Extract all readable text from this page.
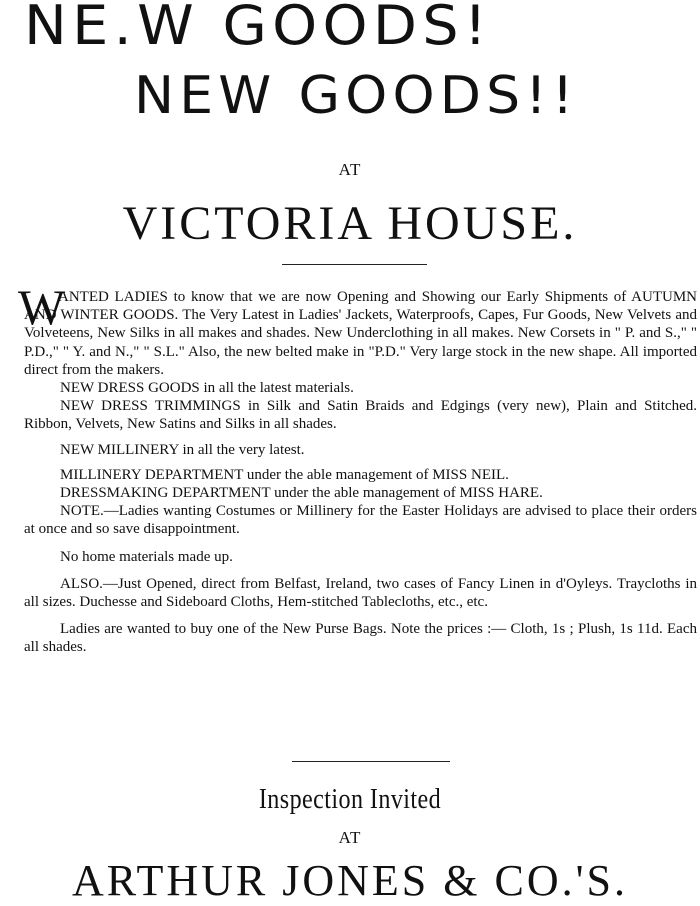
NE.W GOODS!
NEW GOODS!!

AT

VICTORIA HOUSE.
W

ANTED LADIES to know that we are now Opening and Showing our Early Shipments of AUTUMN AND WINTER GOODS. The Very Latest in Ladies' Jackets, Waterproofs, Capes, Fur Goods, New Velvets and Volveteens, New Silks in all makes and shades. New Underclothing in all makes. New Corsets in " P. and S.," " P.D.," " Y. and N.," " S.L." Also, the new belted make in "P.D." Very large stock in the new shape. All imported direct from the makers.

NEW DRESS GOODS in all the latest materials.

NEW DRESS TRIMMINGS in Silk and Satin Braids and Edgings (very new), Plain and Stitched. Ribbon, Velvets, New Satins and Silks in all shades.

NEW MILLINERY in all the very latest.

MILLINERY DEPARTMENT under the able management of MISS NEIL.

DRESSMAKING DEPARTMENT under the able management of MISS HARE.

NOTE.—Ladies wanting Costumes or Millinery for the Easter Holidays are advised to place their orders at once and so save disappointment.

No home materials made up.

ALSO.—Just Opened, direct from Belfast, Ireland, two cases of Fancy Linen in d'Oyleys. Traycloths in all sizes. Duchesse and Sideboard Cloths, Hem-stitched Tablecloths, etc., etc.

Ladies are wanted to buy one of the New Purse Bags. Note the prices :— Cloth, 1s ; Plush, 1s 11d. Each all shades.

Inspection Invited

AT

ARTHUR JONES & CO.'S.
